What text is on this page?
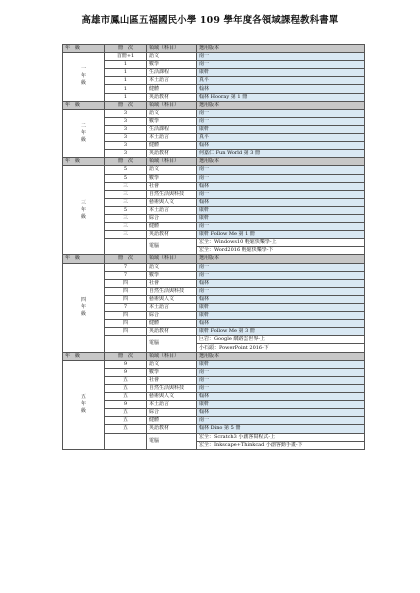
高雄市鳳山區五福國民小學 109 學年度各領域課程教科書單
年　級	冊　次	領域（科目）	選用版本
一
年
級	首冊+1	語文	南一
	1	數學	南一
	1	生活課程	康軒
	1	本土語言	真平
	1	健體	翰林
	1	英語教材	翰林 Hooray 第 1 冊
年　級	冊　次	領域（科目）	選用版本
二
年
級	3	語文	南一
	3	數學	南一
	3	生活課程	康軒
	3	本土語言	真平
	3	健體	翰林
	3	英語教材	何嘉仁 Fun World 第 3 冊
年　級	冊　次	領域（科目）	選用版本
三
年
級	5	語文	南一
	5	數學	南一
	三	社會	翰林
	三	自然生活與科技	南一
	三	藝術與人文	翰林
	5	本土語言	康軒
	三	綜合	康軒
	三	健體	南一
	三	英語教材	康軒 Follow Me 第 1 冊
		電腦	宏全：Windows10 輕鬆快樂學-上
			宏全：Word2016 輕鬆快樂學-下
年　級	冊　次	領域（科目）	選用版本
四
年
級	7	語文	南一
	7	數學	南一
	四	社會	翰林
	四	自然生活與科技	南一
	四	藝術與人文	翰林
	7	本土語言	康軒
	四	綜合	康軒
	四	健體	翰林
	四	英語教材	康軒 Follow Me 第 3 冊
		電腦	巨岩：Google 網路雲世界-上
			小石頭：PowerPoint 2016-下
年　級	冊　次	領域（科目）	選用版本
五
年
級	9	語文	康軒
	9	數學	南一
	五	社會	南一
	五	自然生活與科技	南一
	五	藝術與人文	翰林
	9	本土語言	康軒
	五	綜合	翰林
	五	健體	南一
	五	英語教材	翰林 Dino 第 5 冊
		電腦	宏全：Scratch3 小創客寫程式-上
			宏全：Inkscape+Thinkcad 小創客動手畫-下
